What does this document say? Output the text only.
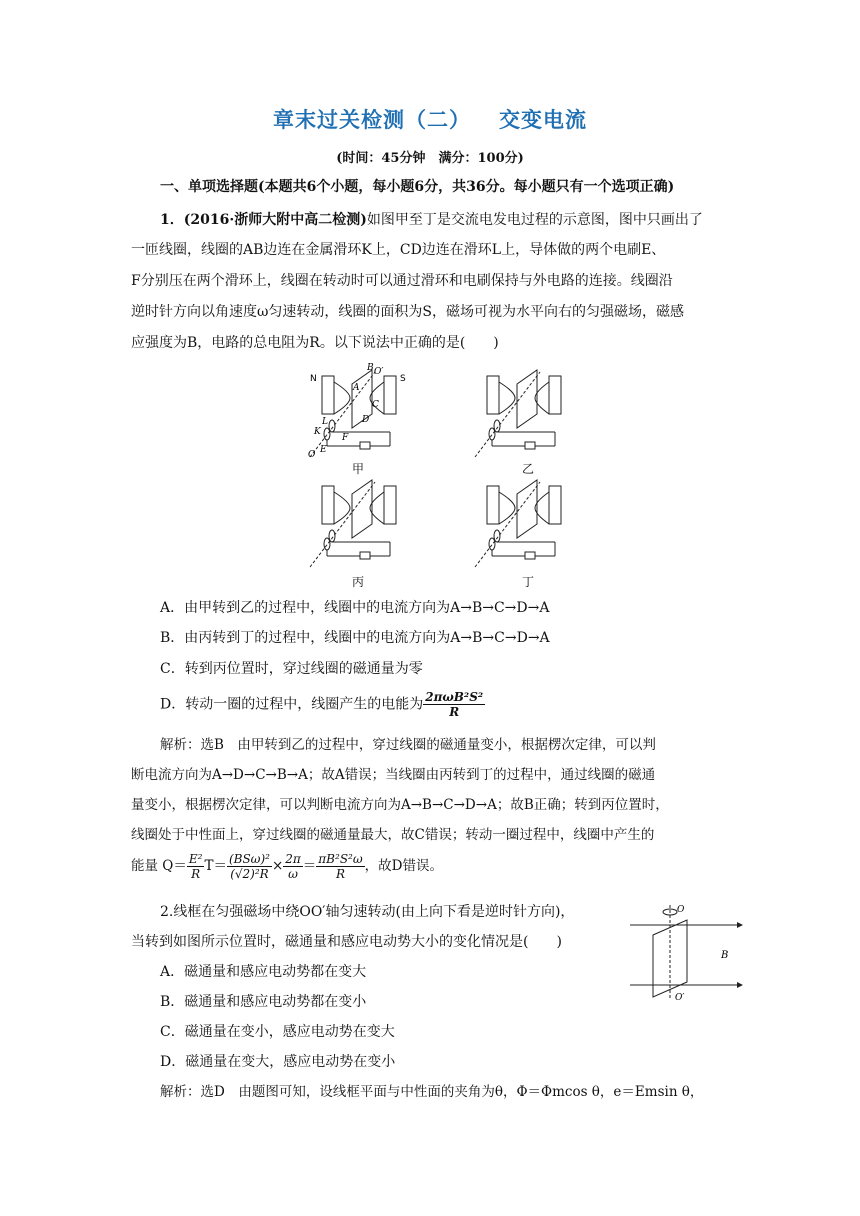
章末过关检测（二） 交变电流
(时间：45分钟　满分：100分)
一、单项选择题(本题共6个小题，每小题6分，共36分。每小题只有一个选项正确)
1．(2016·浙师大附中高二检测)如图甲至丁是交流电发电过程的示意图，图中只画出了
一匝线圈，线圈的AB边连在金属滑环K上，CD边连在滑环L上，导体做的两个电刷E、
F分别压在两个滑环上，线圈在转动时可以通过滑环和电刷保持与外电路的连接。线圈沿
逆时针方向以角速度ω匀速转动，线圈的面积为S，磁场可视为水平向右的匀强磁场，磁感
应强度为B，电路的总电阻为R。以下说法中正确的是(　　)
N	S
A
B
C
D
K
L
E
F
O
O′
甲	乙
丙	丁
A．由甲转到乙的过程中，线圈中的电流方向为A→B→C→D→A
B．由丙转到丁的过程中，线圈中的电流方向为A→B→C→D→A
C．转到丙位置时，穿过线圈的磁通量为零
D．转动一圈的过程中，线圈产生的电能为 $\frac{\text{2πωB²S²}}{R}$
解析：选B　由甲转到乙的过程中，穿过线圈的磁通量变小，根据楞次定律，可以判
断电流方向为A→D→C→B→A；故A错误；当线圈由丙转到丁的过程中，通过线圈的磁通
量变小，根据楞次定律，可以判断电流方向为A→B→C→D→A；故B正确；转到丙位置时，
线圈处于中性面上，穿过线圈的磁通量最大，故C错误；转动一圈过程中，线圈中产生的
能量 $Q= \frac{\text{E²}}{R} T= \frac{\text{(BSω)²}}{\text{(√2)²R}} \times \frac{2\pi}{\omega} = \frac{\text{πB²S²ω}}{R}$ ，故D错误。
2.线框在匀强磁场中绕OO′轴匀速转动(由上向下看是逆时针方向)，
当转到如图所示位置时，磁通量和感应电动势大小的变化情况是(　　)
A．磁通量和感应电动势都在变大
B．磁通量和感应电动势都在变小
C．磁通量在变小，感应电动势在变大
D．磁通量在变大，感应电动势在变小
O
O′
B
解析：选D　由题图可知，设线框平面与中性面的夹角为θ，Φ＝Φmcos θ，e＝Emsin θ，
